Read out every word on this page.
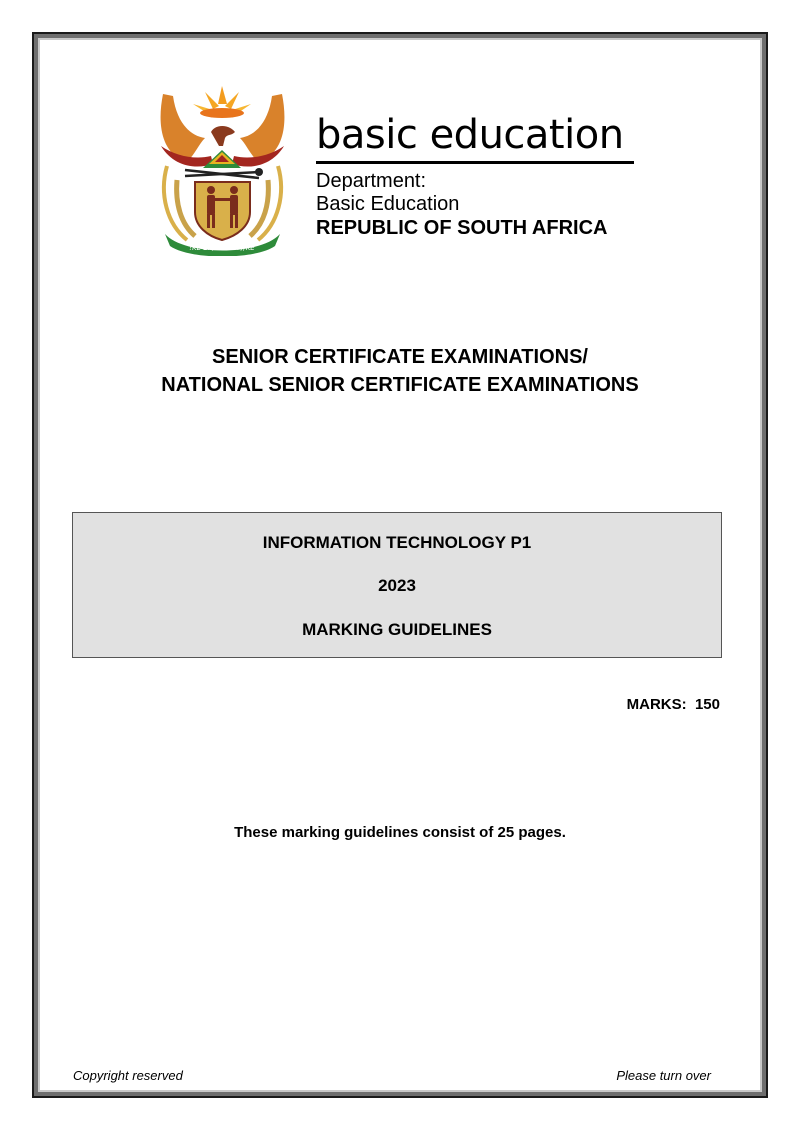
!KE E: /XARRA //KE
basic education
Department:
Basic Education
REPUBLIC OF SOUTH AFRICA
SENIOR CERTIFICATE EXAMINATIONS/
NATIONAL SENIOR CERTIFICATE EXAMINATIONS
INFORMATION TECHNOLOGY P1
2023
MARKING GUIDELINES
MARKS:  150
These marking guidelines consist of 25 pages.
Copyright reserved	Please turn over
